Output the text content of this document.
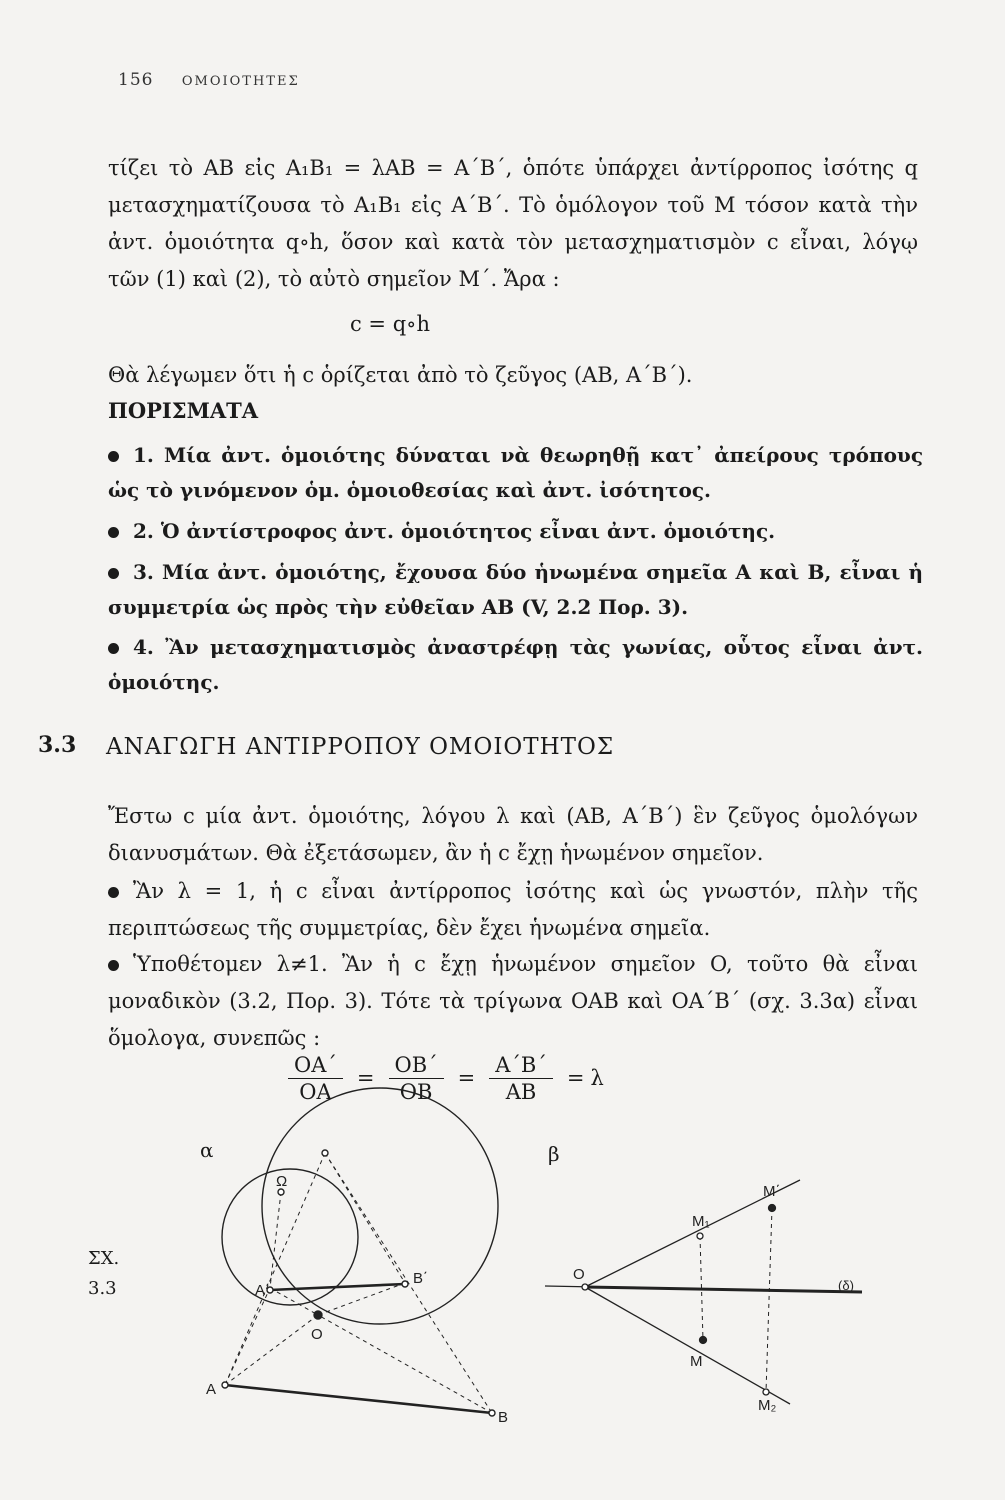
156 ΟΜΟΙΟΤΗΤΕΣ

τίζει τὸ AB εἰς A₁B₁ = λAB = A΄B΄, ὁπότε ὑπάρχει ἀντίρροπος ἰσότης q μετασχηματίζουσα τὸ A₁B₁ εἰς A΄B΄. Τὸ ὁμόλογον τοῦ M τόσον κατὰ τὴν ἀντ. ὁμοιότητα q∘h, ὅσον καὶ κατὰ τὸν μετασχηματισμὸν c εἶναι, λόγῳ τῶν (1) καὶ (2), τὸ αὐτὸ σημεῖον M΄. Ἄρα :

c = q∘h

Θὰ λέγωμεν ὅτι ἡ c ὁρίζεται ἀπὸ τὸ ζεῦγος (AB, A΄B΄).

ΠΟΡΙΣΜΑΤΑ

1. Μία ἀντ. ὁμοιότης δύναται νὰ θεωρηθῇ κατ᾽ ἀπείρους τρόπους ὡς τὸ γινόμενον ὁμ. ὁμοιοθεσίας καὶ ἀντ. ἰσότητος.

2. Ὁ ἀντίστροφος ἀντ. ὁμοιότητος εἶναι ἀντ. ὁμοιότης.

3. Μία ἀντ. ὁμοιότης, ἔχουσα δύο ἡνωμένα σημεῖα A καὶ B, εἶναι ἡ συμμετρία ὡς πρὸς τὴν εὐθεῖαν AB (V, 2.2 Πορ. 3).

4. Ἂν μετασχηματισμὸς ἀναστρέφῃ τὰς γωνίας, οὗτος εἶναι ἀντ. ὁμοιότης.

3.3 ΑΝΑΓΩΓΗ ΑΝΤΙΡΡΟΠΟΥ ΟΜΟΙΟΤΗΤΟΣ

Ἔστω c μία ἀντ. ὁμοιότης, λόγου λ καὶ (AB, A΄B΄) ἓν ζεῦγος ὁμολόγων διανυσμάτων. Θὰ ἐξετάσωμεν, ἂν ἡ c ἔχῃ ἡνωμένον σημεῖον.

Ἂν λ = 1, ἡ c εἶναι ἀντίρροπος ἰσότης καὶ ὡς γνωστόν, πλὴν τῆς περιπτώσεως τῆς συμμετρίας, δὲν ἔχει ἡνωμένα σημεῖα.

Ὑποθέτομεν λ≠1. Ἂν ἡ c ἔχῃ ἡνωμένον σημεῖον O, τοῦτο θὰ εἶναι μοναδικὸν (3.2, Πορ. 3). Τότε τὰ τρίγωνα OAB καὶ OA΄B΄ (σχ. 3.3α) εἶναι ὅμολογα, συνεπῶς :

$\frac{OA΄}{OA} = \frac{OB΄}{OB} = \frac{A΄B΄}{AB} = \lambda$
α	β
ΣΧ.
3.3
Ω
A΄
B΄
O
A
B
M΄
M₁
O
(δ)
M
M₂
